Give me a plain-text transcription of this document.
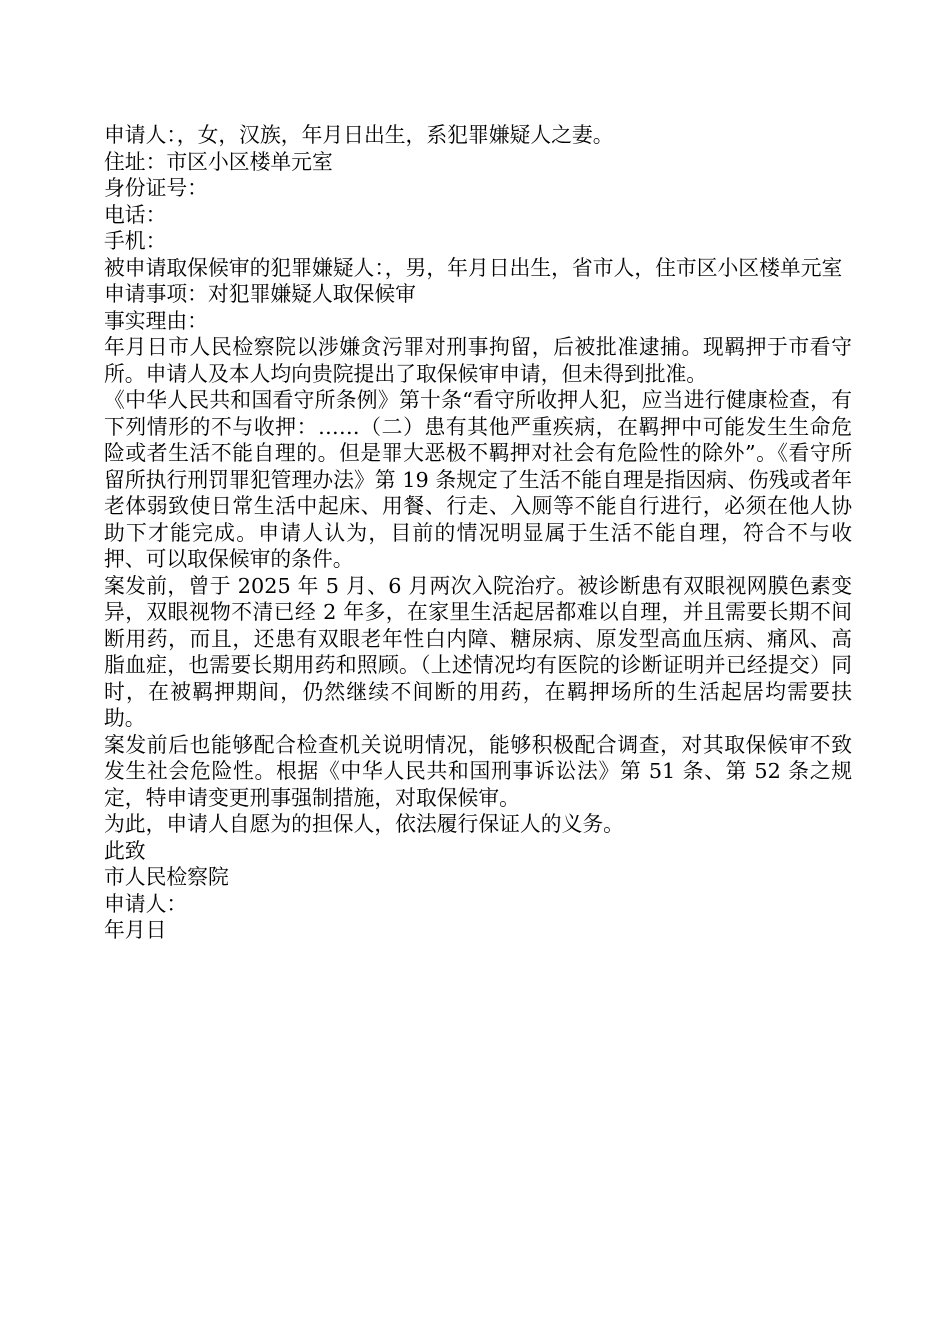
申请人：，女，汉族，年月日出生，系犯罪嫌疑人之妻。

住址：市区小区楼单元室

身份证号：

电话：

手机：

被申请取保候审的犯罪嫌疑人：，男，年月日出生，省市人，住市区小区楼单元室

申请事项：对犯罪嫌疑人取保候审

事实理由：

年月日市人民检察院以涉嫌贪污罪对刑事拘留，后被批准逮捕。现羁押于市看守所。申请人及本人均向贵院提出了取保候审申请，但未得到批准。

《中华人民共和国看守所条例》第十条“看守所收押人犯，应当进行健康检查，有下列情形的不与收押：……（二）患有其他严重疾病，在羁押中可能发生生命危险或者生活不能自理的。但是罪大恶极不羁押对社会有危险性的除外”。《看守所留所执行刑罚罪犯管理办法》第 19 条规定了生活不能自理是指因病、伤残或者年老体弱致使日常生活中起床、用餐、行走、入厕等不能自行进行，必须在他人协助下才能完成。申请人认为，目前的情况明显属于生活不能自理，符合不与收押、可以取保候审的条件。

案发前，曾于 2025 年 5 月、6 月两次入院治疗。被诊断患有双眼视网膜色素变异，双眼视物不清已经 2 年多，在家里生活起居都难以自理，并且需要长期不间断用药，而且，还患有双眼老年性白内障、糖尿病、原发型高血压病、痛风、高脂血症，也需要长期用药和照顾。（上述情况均有医院的诊断证明并已经提交）同时，在被羁押期间，仍然继续不间断的用药，在羁押场所的生活起居均需要扶助。

案发前后也能够配合检查机关说明情况，能够积极配合调查，对其取保候审不致发生社会危险性。根据《中华人民共和国刑事诉讼法》第 51 条、第 52 条之规定，特申请变更刑事强制措施，对取保候审。

为此，申请人自愿为的担保人，依法履行保证人的义务。

此致

市人民检察院

申请人：

年月日
